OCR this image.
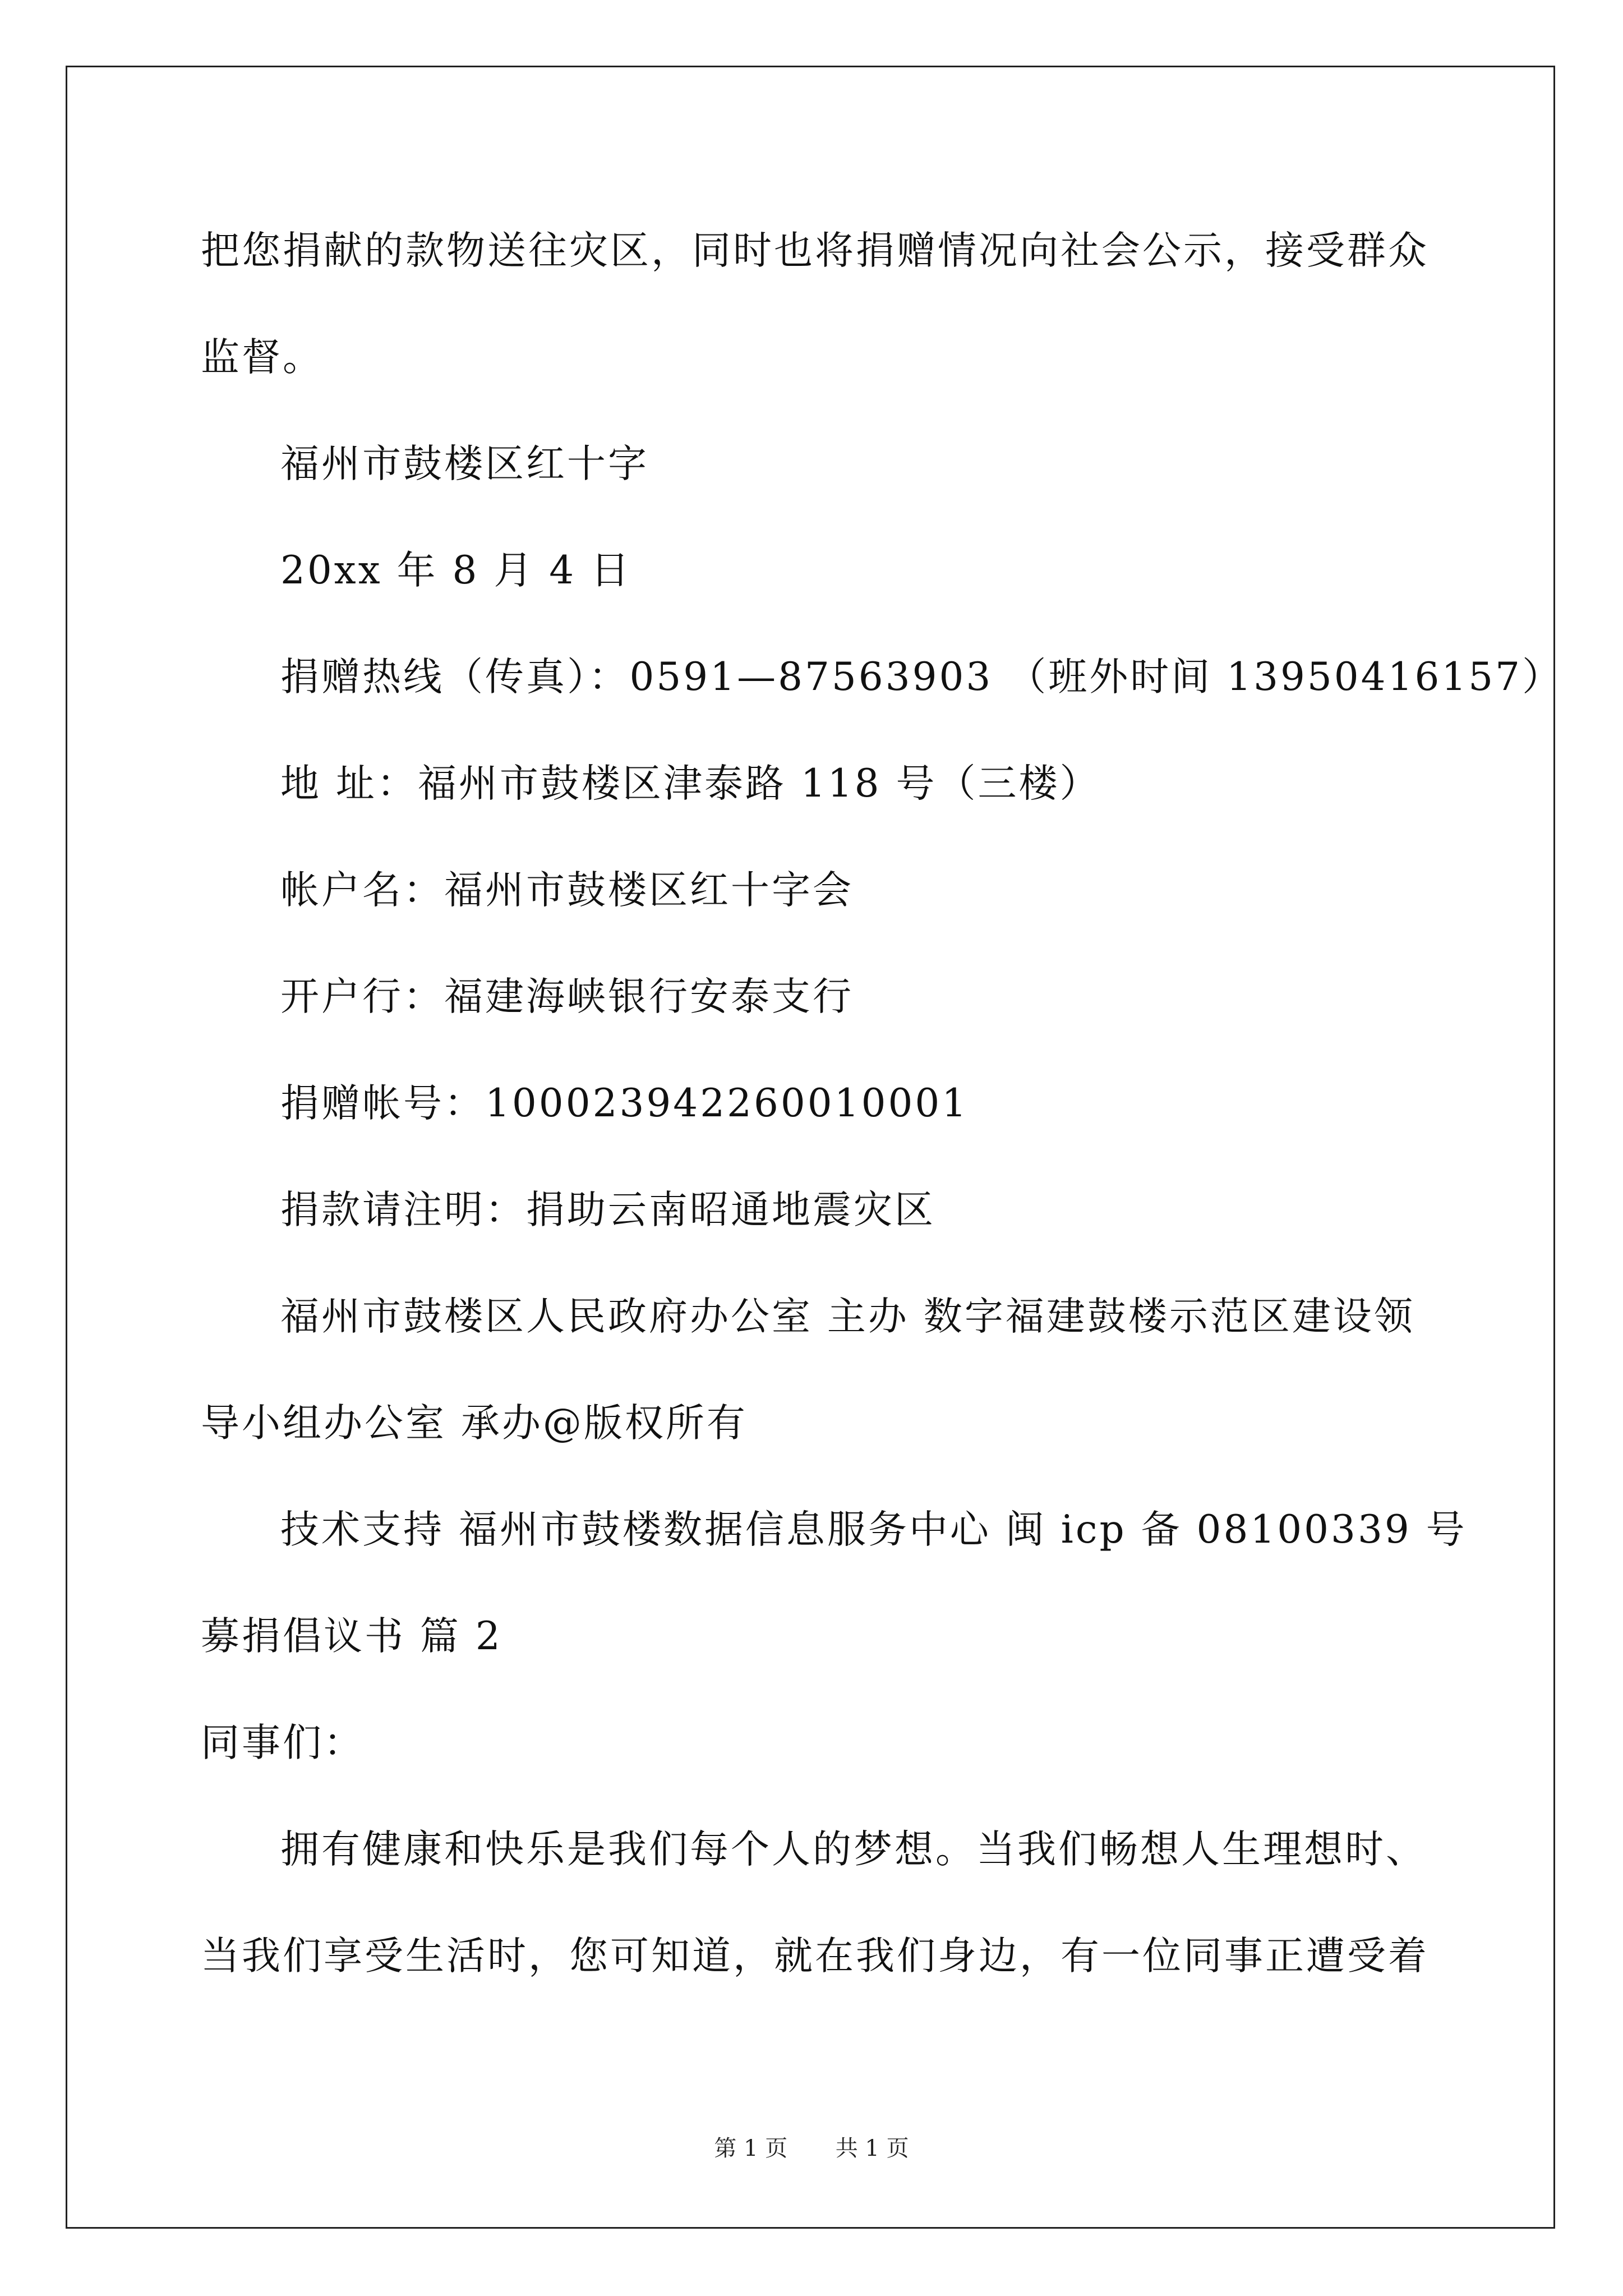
把您捐献的款物送往灾区，同时也将捐赠情况向社会公示，接受群众
监督。
福州市鼓楼区红十字
20xx 年 8 月 4 日
捐赠热线（传真）：0591—87563903 （班外时间 13950416157）
地 址：福州市鼓楼区津泰路 118 号（三楼）
帐户名：福州市鼓楼区红十字会
开户行：福建海峡银行安泰支行
捐赠帐号：100023942260010001
捐款请注明：捐助云南昭通地震灾区
福州市鼓楼区人民政府办公室 主办 数字福建鼓楼示范区建设领
导小组办公室 承办@版权所有
技术支持 福州市鼓楼数据信息服务中心 闽 icp 备 08100339 号
募捐倡议书 篇 2
同事们：
拥有健康和快乐是我们每个人的梦想。当我们畅想人生理想时、
当我们享受生活时，您可知道，就在我们身边，有一位同事正遭受着
第 1 页 共 1 页
